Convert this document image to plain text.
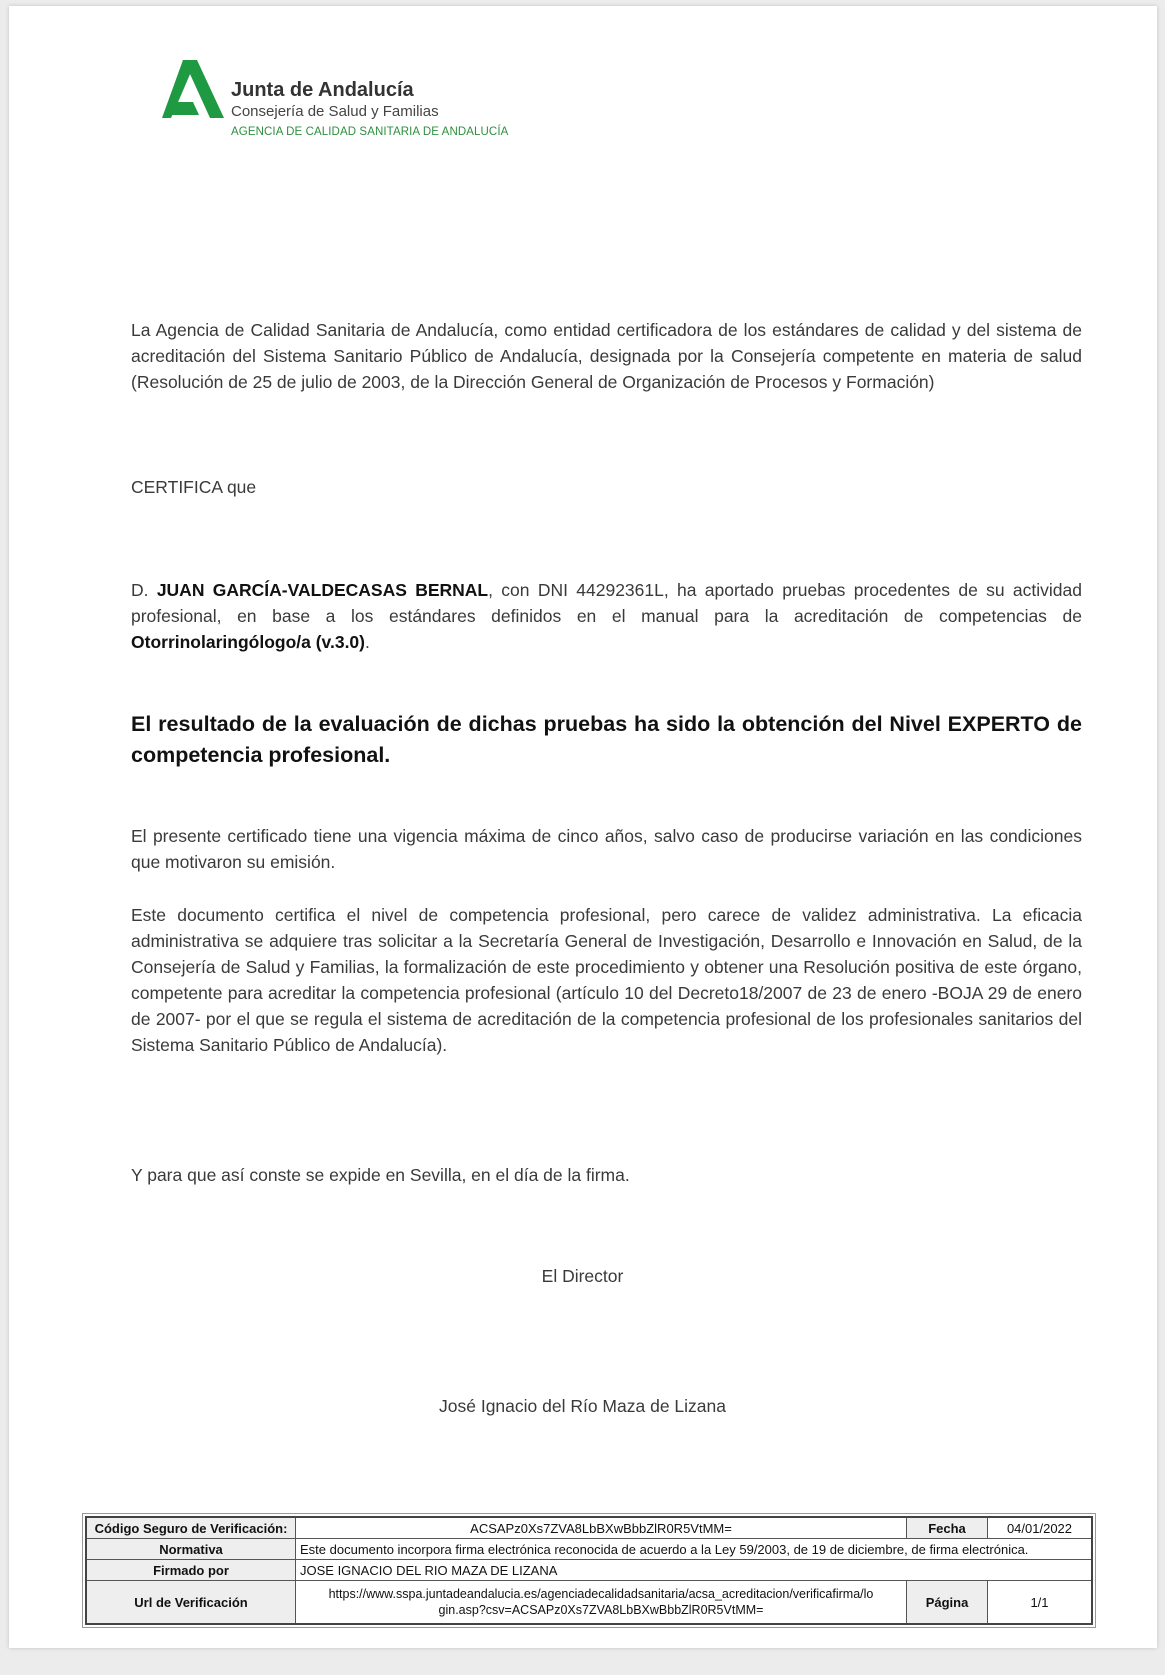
Junta de Andalucía
Consejería de Salud y Familias
AGENCIA DE CALIDAD SANITARIA DE ANDALUCÍA
La Agencia de Calidad Sanitaria de Andalucía, como entidad certificadora de los estándares de calidad y del sistema de acreditación del Sistema Sanitario Público de Andalucía, designada por la Consejería competente en materia de salud (Resolución de 25 de julio de 2003, de la Dirección General de Organización de Procesos y Formación)
CERTIFICA que
D. JUAN GARCÍA-VALDECASAS BERNAL, con DNI 44292361L, ha aportado pruebas procedentes de su actividad profesional, en base a los estándares definidos en el manual para la acreditación de competencias de Otorrinolaringólogo/a (v.3.0).
El resultado de la evaluación de dichas pruebas ha sido la obtención del Nivel EXPERTO de competencia profesional.
El presente certificado tiene una vigencia máxima de cinco años, salvo caso de producirse variación en las condiciones que motivaron su emisión.
Este documento certifica el nivel de competencia profesional, pero carece de validez administrativa. La eficacia administrativa se adquiere tras solicitar a la Secretaría General de Investigación, Desarrollo e Innovación en Salud, de la Consejería de Salud y Familias, la formalización de este procedimiento y obtener una Resolución positiva de este órgano, competente para acreditar la competencia profesional (artículo 10 del Decreto18/2007 de 23 de enero -BOJA 29 de enero de 2007- por el que se regula el sistema de acreditación de la competencia profesional de los profesionales sanitarios del Sistema Sanitario Público de Andalucía).
Y para que así conste se expide en Sevilla, en el día de la firma.
El Director
José Ignacio del Río Maza de Lizana
Código Seguro de Verificación:	ACSAPz0Xs7ZVA8LbBXwBbbZlR0R5VtMM=	Fecha	04/01/2022
Normativa	Este documento incorpora firma electrónica reconocida de acuerdo a la Ley 59/2003, de 19 de diciembre, de firma electrónica.		
Firmado por	JOSE IGNACIO DEL RIO MAZA DE LIZANA		
Url de Verificación	https://www.sspa.juntadeandalucia.es/agenciadecalidadsanitaria/acsa_acreditacion/verificafirma/lo
gin.asp?csv=ACSAPz0Xs7ZVA8LbBXwBbbZlR0R5VtMM=	Página	1/1
